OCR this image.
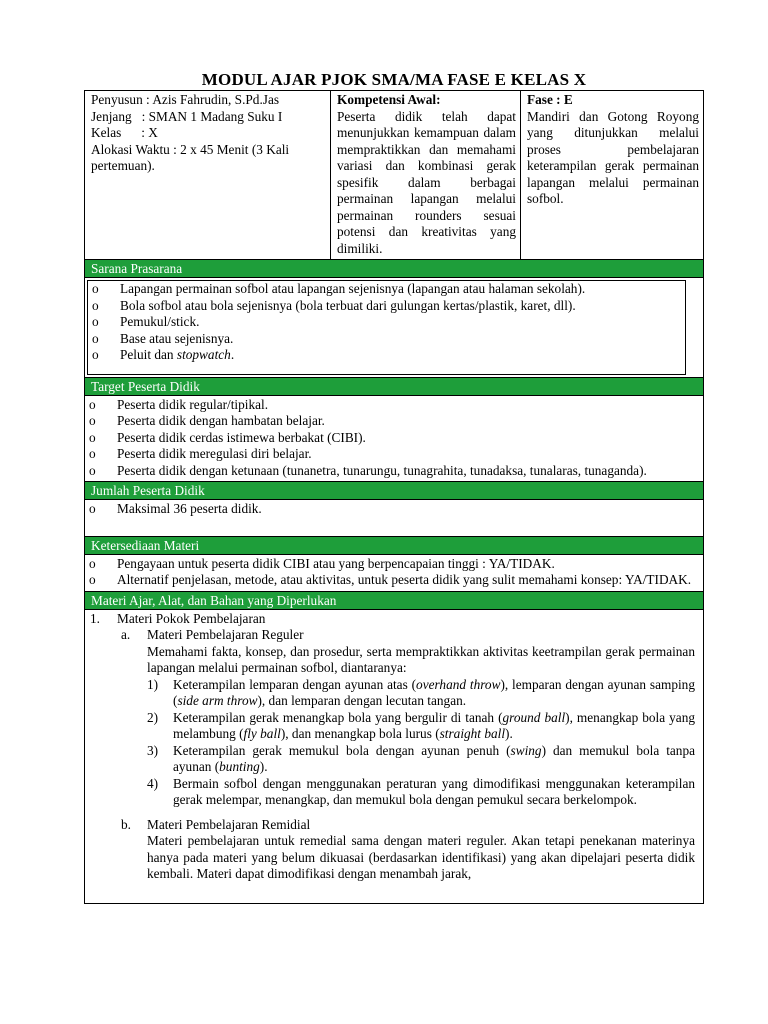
MODUL AJAR PJOK SMA/MA FASE E KELAS X
Penyusun : Azis Fahrudin, S.Pd.Jas
Jenjang   : SMAN 1 Madang Suku I
Kelas      : X
Alokasi Waktu : 2 x 45 Menit (3 Kali pertemuan).
Kompetensi Awal:
Peserta didik telah dapat menunjukkan kemampuan dalam mempraktikkan dan memahami variasi dan kombinasi gerak spesifik dalam berbagai permainan lapangan melalui permainan rounders sesuai potensi dan kreativitas yang dimiliki.
Fase : E
Mandiri dan Gotong Royong yang ditunjukkan melalui proses pembelajaran keterampilan gerak permainan lapangan melalui permainan sofbol.
Sarana Prasarana
o Lapangan permainan sofbol atau lapangan sejenisnya (lapangan atau halaman sekolah).
o Bola sofbol atau bola sejenisnya (bola terbuat dari gulungan kertas/plastik, karet, dll).
o Pemukul/stick.
o Base atau sejenisnya.
o Peluit dan stopwatch.
Target Peserta Didik
o Peserta didik regular/tipikal.
o Peserta didik dengan hambatan belajar.
o Peserta didik cerdas istimewa berbakat (CIBI).
o Peserta didik meregulasi diri belajar.
o Peserta didik dengan ketunaan (tunanetra, tunarungu, tunagrahita, tunadaksa, tunalaras, tunaganda).
Jumlah Peserta Didik
o Maksimal 36 peserta didik.
Ketersediaan Materi
o Pengayaan untuk peserta didik CIBI atau yang berpencapaian tinggi : YA/TIDAK.
o Alternatif penjelasan, metode, atau aktivitas, untuk peserta didik yang sulit memahami konsep: YA/TIDAK.
Materi Ajar, Alat, dan Bahan yang Diperlukan
1. Materi Pokok Pembelajaran
a. Materi Pembelajaran Reguler
Memahami fakta, konsep, dan prosedur, serta mempraktikkan aktivitas keetrampilan gerak permainan lapangan melalui permainan sofbol, diantaranya:
1) Keterampilan lemparan dengan ayunan atas (overhand throw), lemparan dengan ayunan samping (side arm throw), dan lemparan dengan lecutan tangan.
2) Keterampilan gerak menangkap bola yang bergulir di tanah (ground ball), menangkap bola yang melambung (fly ball), dan menangkap bola lurus (straight ball).
3) Keterampilan gerak memukul bola dengan ayunan penuh (swing) dan memukul bola tanpa ayunan (bunting).
4) Bermain sofbol dengan menggunakan peraturan yang dimodifikasi menggunakan keterampilan gerak melempar, menangkap, dan memukul bola dengan pemukul secara berkelompok.
b. Materi Pembelajaran Remidial
Materi pembelajaran untuk remedial sama dengan materi reguler. Akan tetapi penekanan materinya hanya pada materi yang belum dikuasai (berdasarkan identifikasi) yang akan dipelajari peserta didik kembali. Materi dapat dimodifikasi dengan menambah jarak,
